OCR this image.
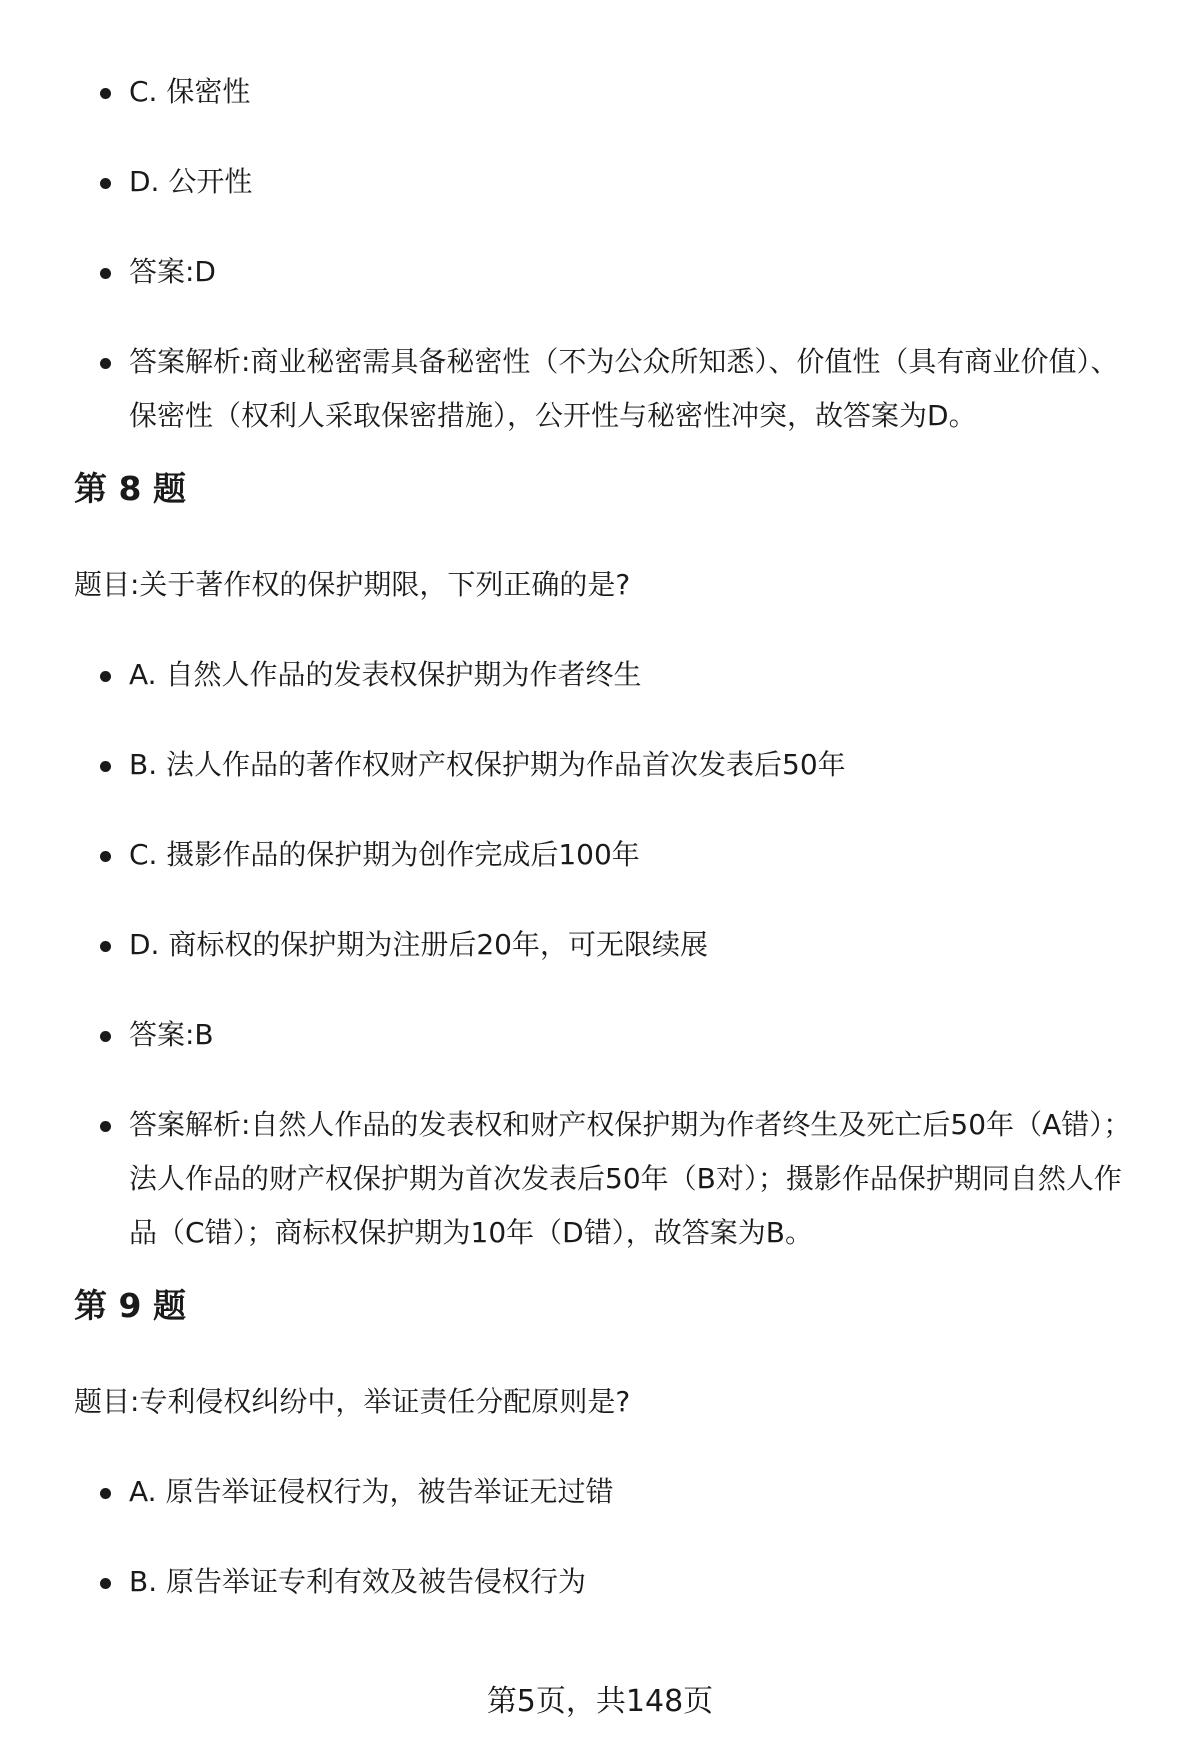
C. 保密性
D. 公开性
答案:D
答案解析:商业秘密需具备秘密性（不为公众所知悉）、价值性（具有商业价值）、保密性（权利人采取保密措施），公开性与秘密性冲突，故答案为D。
第 8 题

题目:关于著作权的保护期限，下列正确的是?

A. 自然人作品的发表权保护期为作者终生
B. 法人作品的著作权财产权保护期为作品首次发表后50年
C. 摄影作品的保护期为创作完成后100年
D. 商标权的保护期为注册后20年，可无限续展
答案:B
答案解析:自然人作品的发表权和财产权保护期为作者终生及死亡后50年（A错）；法人作品的财产权保护期为首次发表后50年（B对）；摄影作品保护期同自然人作品（C错）；商标权保护期为10年（D错），故答案为B。
第 9 题

题目:专利侵权纠纷中，举证责任分配原则是?

A. 原告举证侵权行为，被告举证无过错
B. 原告举证专利有效及被告侵权行为
第5页，共148页
